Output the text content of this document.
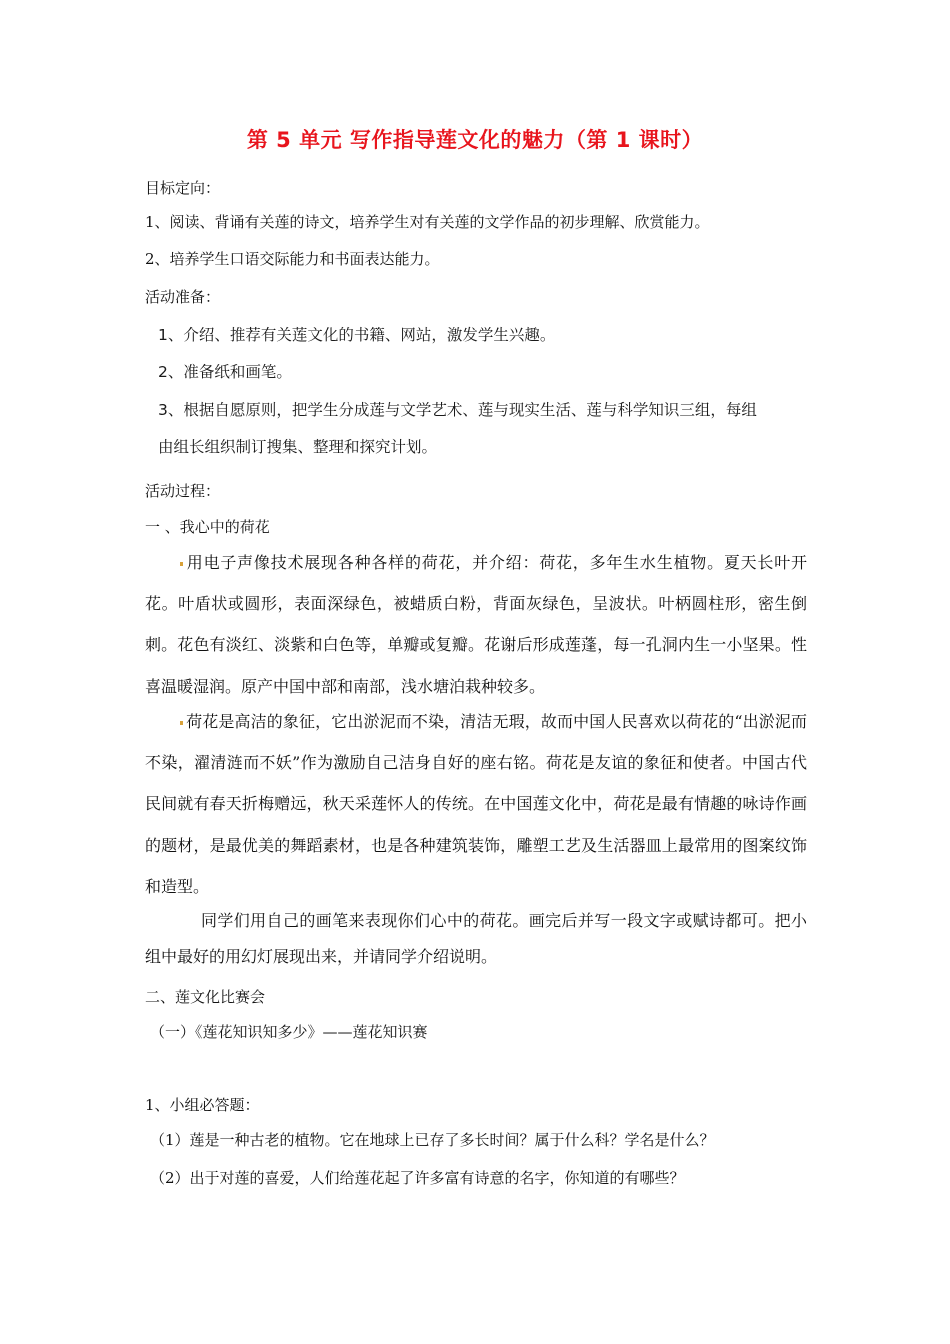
第 5 单元 写作指导莲文化的魅力（第 1 课时）
目标定向：
1、阅读、背诵有关莲的诗文，培养学生对有关莲的文学作品的初步理解、欣赏能力。
2、培养学生口语交际能力和书面表达能力。
活动准备：
1、介绍、推荐有关莲文化的书籍、网站，激发学生兴趣。
2、准备纸和画笔。
3、根据自愿原则，把学生分成莲与文学艺术、莲与现实生活、莲与科学知识三组，每组
由组长组织制订搜集、整理和探究计划。
活动过程：
一 、我心中的荷花
用电子声像技术展现各种各样的荷花，并介绍：荷花，多年生水生植物。夏天长叶开花。叶盾状或圆形，表面深绿色，被蜡质白粉，背面灰绿色，呈波状。叶柄圆柱形，密生倒刺。花色有淡红、淡紫和白色等，单瓣或复瓣。花谢后形成莲蓬，每一孔洞内生一小坚果。性喜温暖湿润。原产中国中部和南部，浅水塘泊栽种较多。
荷花是高洁的象征，它出淤泥而不染，清洁无瑕，故而中国人民喜欢以荷花的“出淤泥而不染，濯清涟而不妖”作为激励自己洁身自好的座右铭。荷花是友谊的象征和使者。中国古代民间就有春天折梅赠远，秋天采莲怀人的传统。在中国莲文化中，荷花是最有情趣的咏诗作画的题材，是最优美的舞蹈素材，也是各种建筑装饰，雕塑工艺及生活器皿上最常用的图案纹饰和造型。
同学们用自己的画笔来表现你们心中的荷花。画完后并写一段文字或赋诗都可。把小组中最好的用幻灯展现出来，并请同学介绍说明。
二、莲文化比赛会
（一）《莲花知识知多少》——莲花知识赛
1、小组必答题：
（1）莲是一种古老的植物。它在地球上已存了多长时间？属于什么科？学名是什么？
（2）出于对莲的喜爱，人们给莲花起了许多富有诗意的名字，你知道的有哪些？
